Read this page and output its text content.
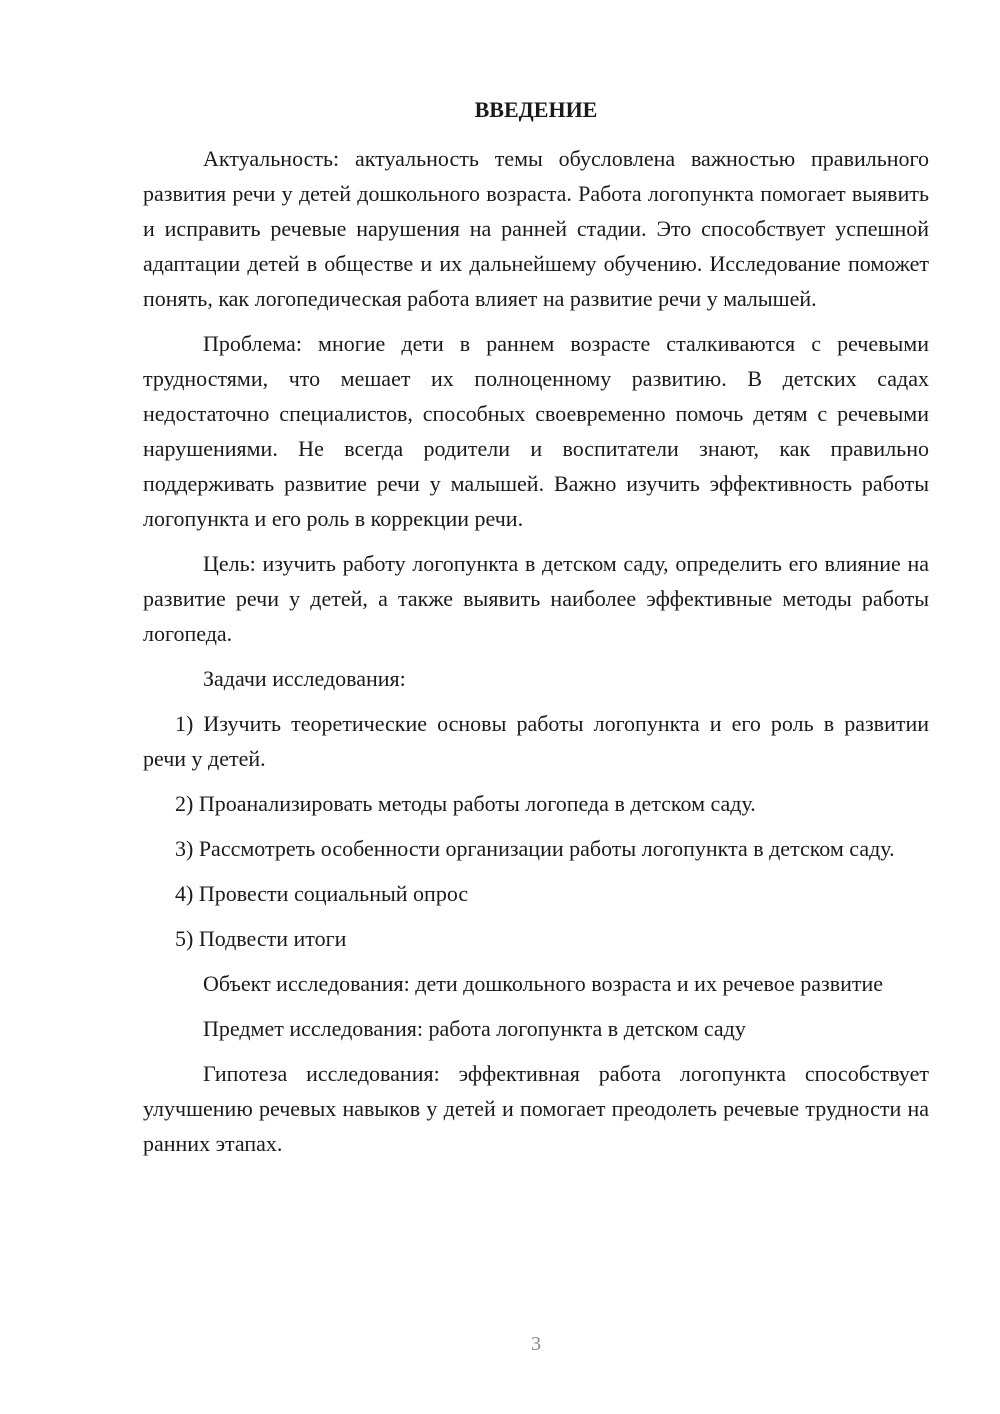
ВВЕДЕНИЕ

Актуальность: актуальность темы обусловлена важностью правильного развития речи у детей дошкольного возраста. Работа логопункта помогает выявить и исправить речевые нарушения на ранней стадии. Это способствует успешной адаптации детей в обществе и их дальнейшему обучению. Исследование поможет понять, как логопедическая работа влияет на развитие речи у малышей.

Проблема: многие дети в раннем возрасте сталкиваются с речевыми трудностями, что мешает их полноценному развитию. В детских садах недостаточно специалистов, способных своевременно помочь детям с речевыми нарушениями. Не всегда родители и воспитатели знают, как правильно поддерживать развитие речи у малышей. Важно изучить эффективность работы логопункта и его роль в коррекции речи.

Цель: изучить работу логопункта в детском саду, определить его влияние на развитие речи у детей, а также выявить наиболее эффективные методы работы логопеда.

Задачи исследования:

1) Изучить теоретические основы работы логопункта и его роль в развитии речи у детей.

2) Проанализировать методы работы логопеда в детском саду.

3) Рассмотреть особенности организации работы логопункта в детском саду.

4) Провести социальный опрос

5) Подвести итоги

Объект исследования: дети дошкольного возраста и их речевое развитие

Предмет исследования: работа логопункта в детском саду

Гипотеза исследования: эффективная работа логопункта способствует улучшению речевых навыков у детей и помогает преодолеть речевые трудности на ранних этапах.

3
